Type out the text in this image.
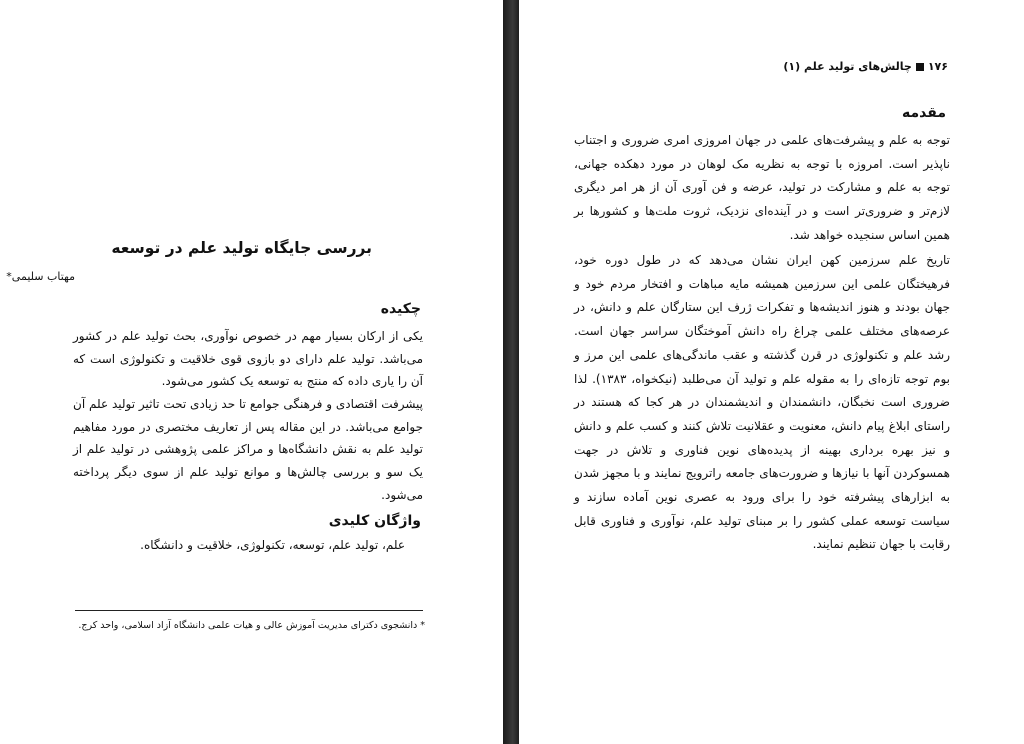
بررسی جایگاه تولید علم در توسعه
مهتاب سلیمی*
چکیده

یکی از ارکان بسیار مهم در خصوص نوآوری، بحث تولید علم در کشور می‌باشد. تولید علم دارای دو بازوی قوی خلاقیت و تکنولوژی است که آن را یاری داده که منتج به توسعه یک کشور می‌شود.

پیشرفت اقتصادی و فرهنگی جوامع تا حد زیادی تحت تاثیر تولید علم آن جوامع می‌باشد. در این مقاله پس از تعاریف مختصری در مورد مفاهیم تولید علم به نقش دانشگاه‌ها و مراکز علمی پژوهشی در تولید علم از یک سو و بررسی چالش‌ها و موانع تولید علم از سوی دیگر پرداخته می‌شود.

واژگان کلیدی
علم، تولید علم، توسعه، تکنولوژی، خلاقیت و دانشگاه.
* دانشجوی دکترای مدیریت آموزش عالی و هیات علمی دانشگاه آزاد اسلامی، واحد کرج.
۱۷۶چالش‌های تولید علم (۱)
مقدمه

توجه به علم و پیشرفت‌های علمی در جهان امروزی امری ضروری و اجتناب ناپذیر است. امروزه با توجه به نظریه مک لوهان در مورد دهکده جهانی، توجه به علم و مشارکت در تولید، عرضه و فن آوری آن از هر امر دیگری لازم‌تر و ضروری‌تر است و در آینده‌ای نزدیک، ثروت ملت‌ها و کشورها بر همین اساس سنجیده خواهد شد.

تاریخ علم سرزمین کهن ایران نشان می‌دهد که در طول دوره خود، فرهیختگان علمی این سرزمین همیشه مایه مباهات و افتخار مردم خود و جهان بودند و هنوز اندیشه‌ها و تفکرات ژرف این ستارگان علم و دانش، در عرصه‌های مختلف علمی چراغ راه دانش آموختگان سراسر جهان است. رشد علم و تکنولوژی در قرن گذشته و عقب ماندگی‌های علمی این مرز و بوم توجه تازه‌ای را به مقوله علم و تولید آن می‌طلبد (نیکخواه، ۱۳۸۳). لذا ضروری است نخبگان، دانشمندان و اندیشمندان در هر کجا که هستند در راستای ابلاغ پیام دانش، معنویت و عقلانیت تلاش کنند و کسب علم و دانش و نیز بهره برداری بهینه از پدیده‌های نوین فناوری و تلاش در جهت همسوکردن آنها با نیازها و ضرورت‌های جامعه راترویج نمایند و با مجهز شدن به ابزارهای پیشرفته خود را برای ورود به عصری نوین آماده سازند و سیاست توسعه عملی کشور را بر مبنای تولید علم، نوآوری و فناوری قابل رقابت با جهان تنظیم نمایند.
